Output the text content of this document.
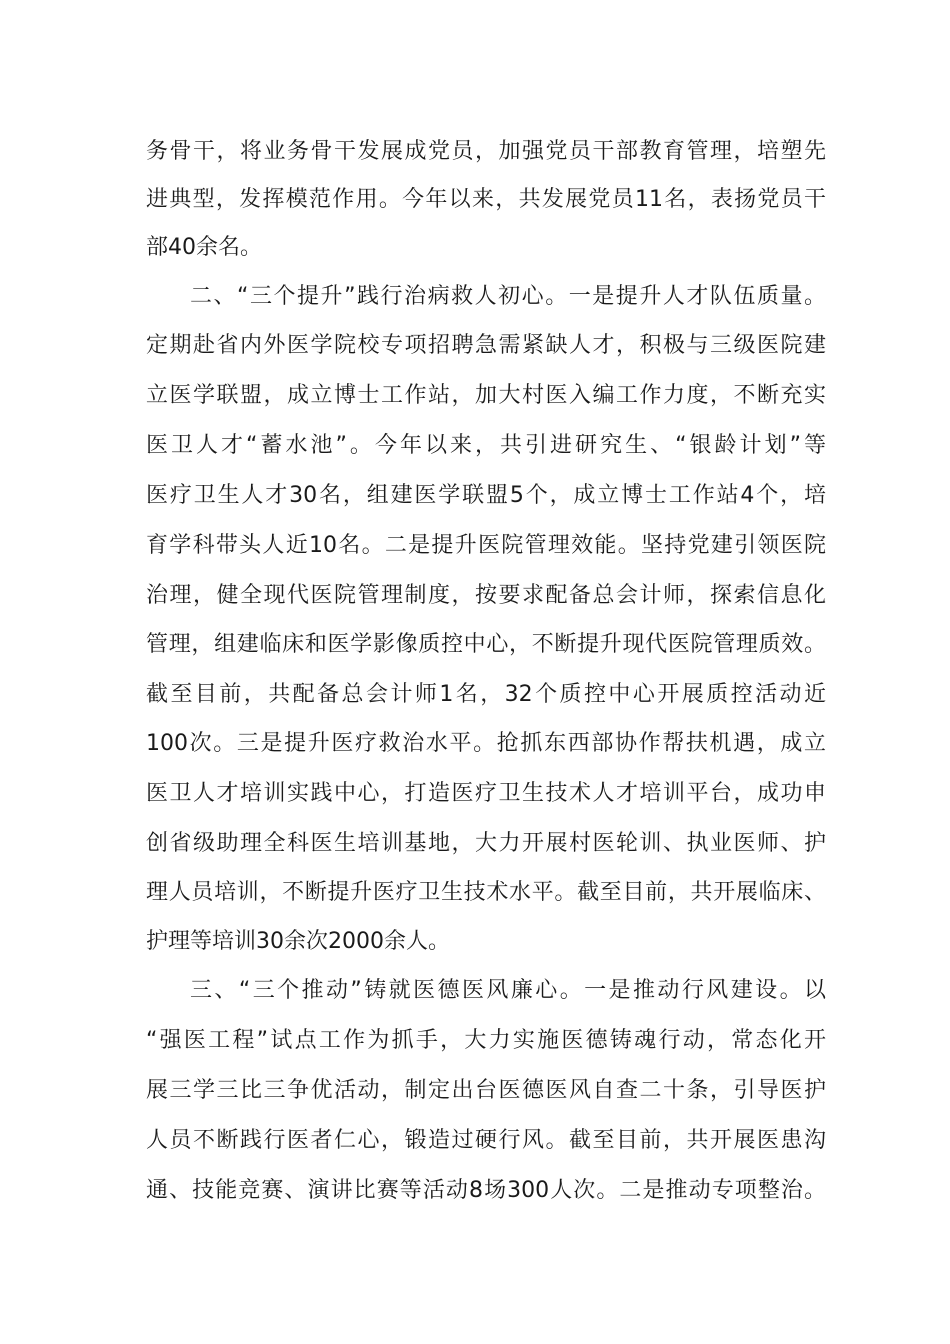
务骨干，将业务骨干发展成党员，加强党员干部教育管理，培塑先
进典型，发挥模范作用。今年以来，共发展党员11名，表扬党员干
部40余名。
二、“三个提升”践行治病救人初心。一是提升人才队伍质量。
定期赴省内外医学院校专项招聘急需紧缺人才，积极与三级医院建
立医学联盟，成立博士工作站，加大村医入编工作力度，不断充实
医卫人才“蓄水池”。今年以来，共引进研究生、“银龄计划”等
医疗卫生人才30名，组建医学联盟5个，成立博士工作站4个，培
育学科带头人近10名。二是提升医院管理效能。坚持党建引领医院
治理，健全现代医院管理制度，按要求配备总会计师，探索信息化
管理，组建临床和医学影像质控中心，不断提升现代医院管理质效。
截至目前，共配备总会计师1名，32个质控中心开展质控活动近
100次。三是提升医疗救治水平。抢抓东西部协作帮扶机遇，成立
医卫人才培训实践中心，打造医疗卫生技术人才培训平台，成功申
创省级助理全科医生培训基地，大力开展村医轮训、执业医师、护
理人员培训，不断提升医疗卫生技术水平。截至目前，共开展临床、
护理等培训30余次2000余人。
三、“三个推动”铸就医德医风廉心。一是推动行风建设。以
“强医工程”试点工作为抓手，大力实施医德铸魂行动，常态化开
展三学三比三争优活动，制定出台医德医风自查二十条，引导医护
人员不断践行医者仁心，锻造过硬行风。截至目前，共开展医患沟
通、技能竞赛、演讲比赛等活动8场300人次。二是推动专项整治。
